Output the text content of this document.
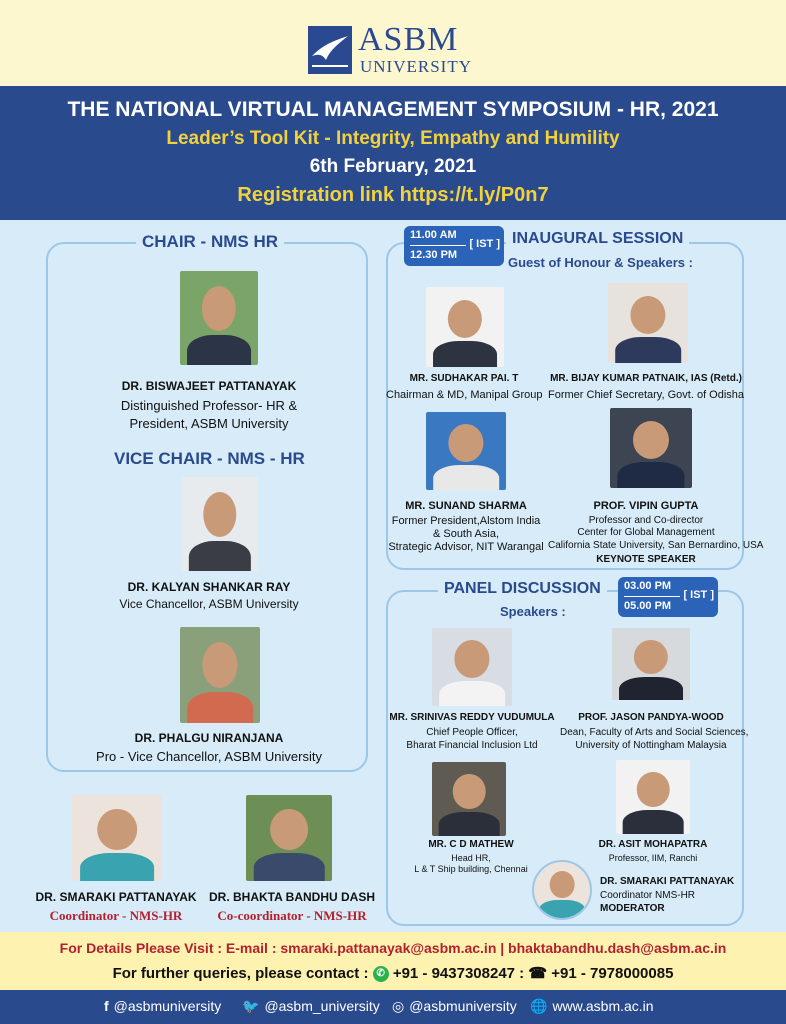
ASBM
UNIVERSITY
THE NATIONAL VIRTUAL MANAGEMENT SYMPOSIUM - HR, 2021
Leader’s Tool Kit - Integrity, Empathy and Humility
6th February, 2021
Registration link https://t.ly/P0n7
CHAIR - NMS HR
DR. BISWAJEET PATTANAYAK
Distinguished Professor- HR &
President, ASBM University
VICE CHAIR - NMS - HR
DR. KALYAN SHANKAR RAY
Vice Chancellor, ASBM University
DR. PHALGU NIRANJANA
Pro - Vice Chancellor, ASBM University
DR. SMARAKI PATTANAYAK
Coordinator - NMS-HR
DR. BHAKTA BANDHU DASH
Co-coordinator - NMS-HR
11.00 AM
12.30 PM
[ IST ] INAUGURAL SESSION
Guest of Honour & Speakers :
MR. SUDHAKAR PAI. T
Chairman & MD, Manipal Group
MR. BIJAY KUMAR PATNAIK, IAS (Retd.)
Former Chief Secretary, Govt. of Odisha
MR. SUNAND SHARMA
Former President,Alstom India
& South Asia,
Strategic Advisor, NIT Warangal
PROF. VIPIN GUPTA
Professor and Co-director
Center for Global Management
California State University, San Bernardino, USA
KEYNOTE SPEAKER
PANEL DISCUSSION
Speakers :
03.00 PM
05.00 PM
[ IST ]
MR. SRINIVAS REDDY VUDUMULA
Chief People Officer,
Bharat Financial Inclusion Ltd
PROF. JASON PANDYA-WOOD
Dean, Faculty of Arts and Social Sciences,
University of Nottingham Malaysia
MR. C D MATHEW
Head HR,
L & T Ship building, Chennai
DR. ASIT MOHAPATRA
Professor, IIM, Ranchi
DR. SMARAKI PATTANAYAK
Coordinator NMS-HR
MODERATOR
For Details Please Visit : E-mail : smaraki.pattanayak@asbm.ac.in | bhaktabandhu.dash@asbm.ac.in
For further queries, please contact : ✆ +91 - 9437308247 : ☎ +91 - 7978000085
f @asbmuniversity 🐦 @asbm_university ◎ @asbmuniversity 🌐 www.asbm.ac.in
